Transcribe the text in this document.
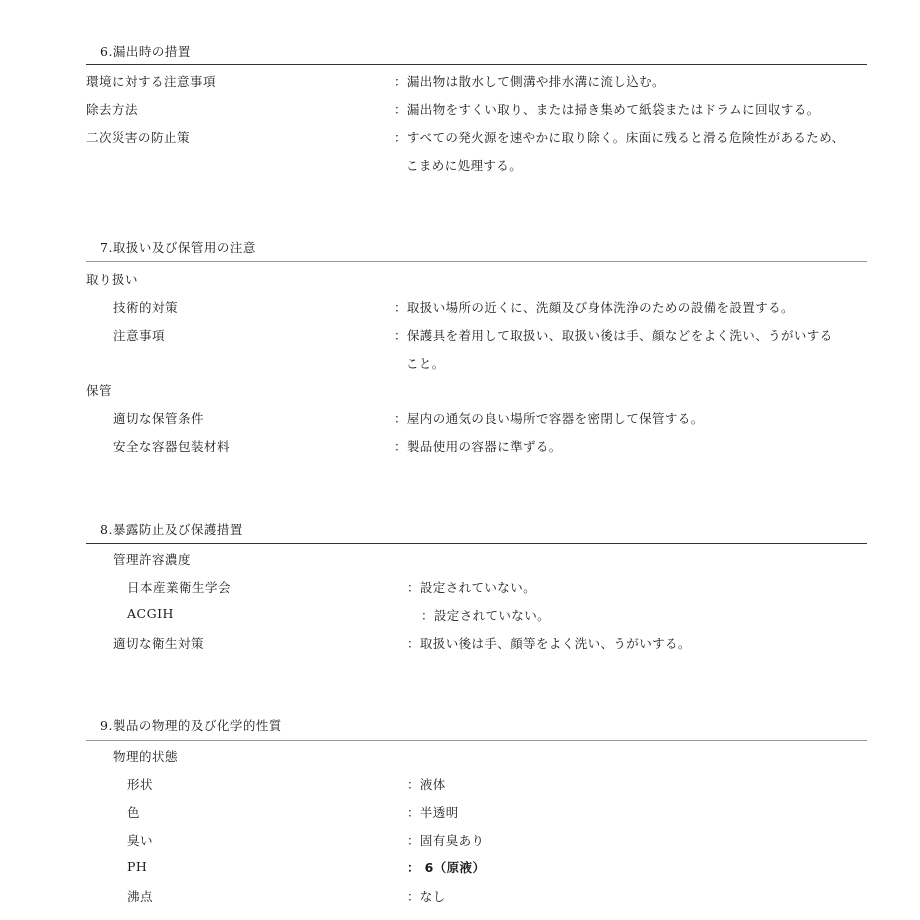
6.漏出時の措置
環境に対する注意事項	：漏出物は散水して側溝や排水溝に流し込む。
除去方法	：漏出物をすくい取り、または掃き集めて紙袋またはドラムに回収する。
二次災害の防止策	：すべての発火源を速やかに取り除く。床面に残ると滑る危険性があるため、
こまめに処理する。
7.取扱い及び保管用の注意
取り扱い
技術的対策	：取扱い場所の近くに、洗顔及び身体洗浄のための設備を設置する。
注意事項	：保護具を着用して取扱い、取扱い後は手、顔などをよく洗い、うがいする
こと。
保管
適切な保管条件	：屋内の通気の良い場所で容器を密閉して保管する。
安全な容器包装材料	：製品使用の容器に準ずる。
8.暴露防止及び保護措置
管理許容濃度
日本産業衛生学会	：設定されていない。
ACGIH	：設定されていない。
適切な衛生対策	：取扱い後は手、顔等をよく洗い、うがいする。
9.製品の物理的及び化学的性質
物理的状態
形状	：液体
色	：半透明
臭い	：固有臭あり
PH	： 6（原液）
沸点	：なし
